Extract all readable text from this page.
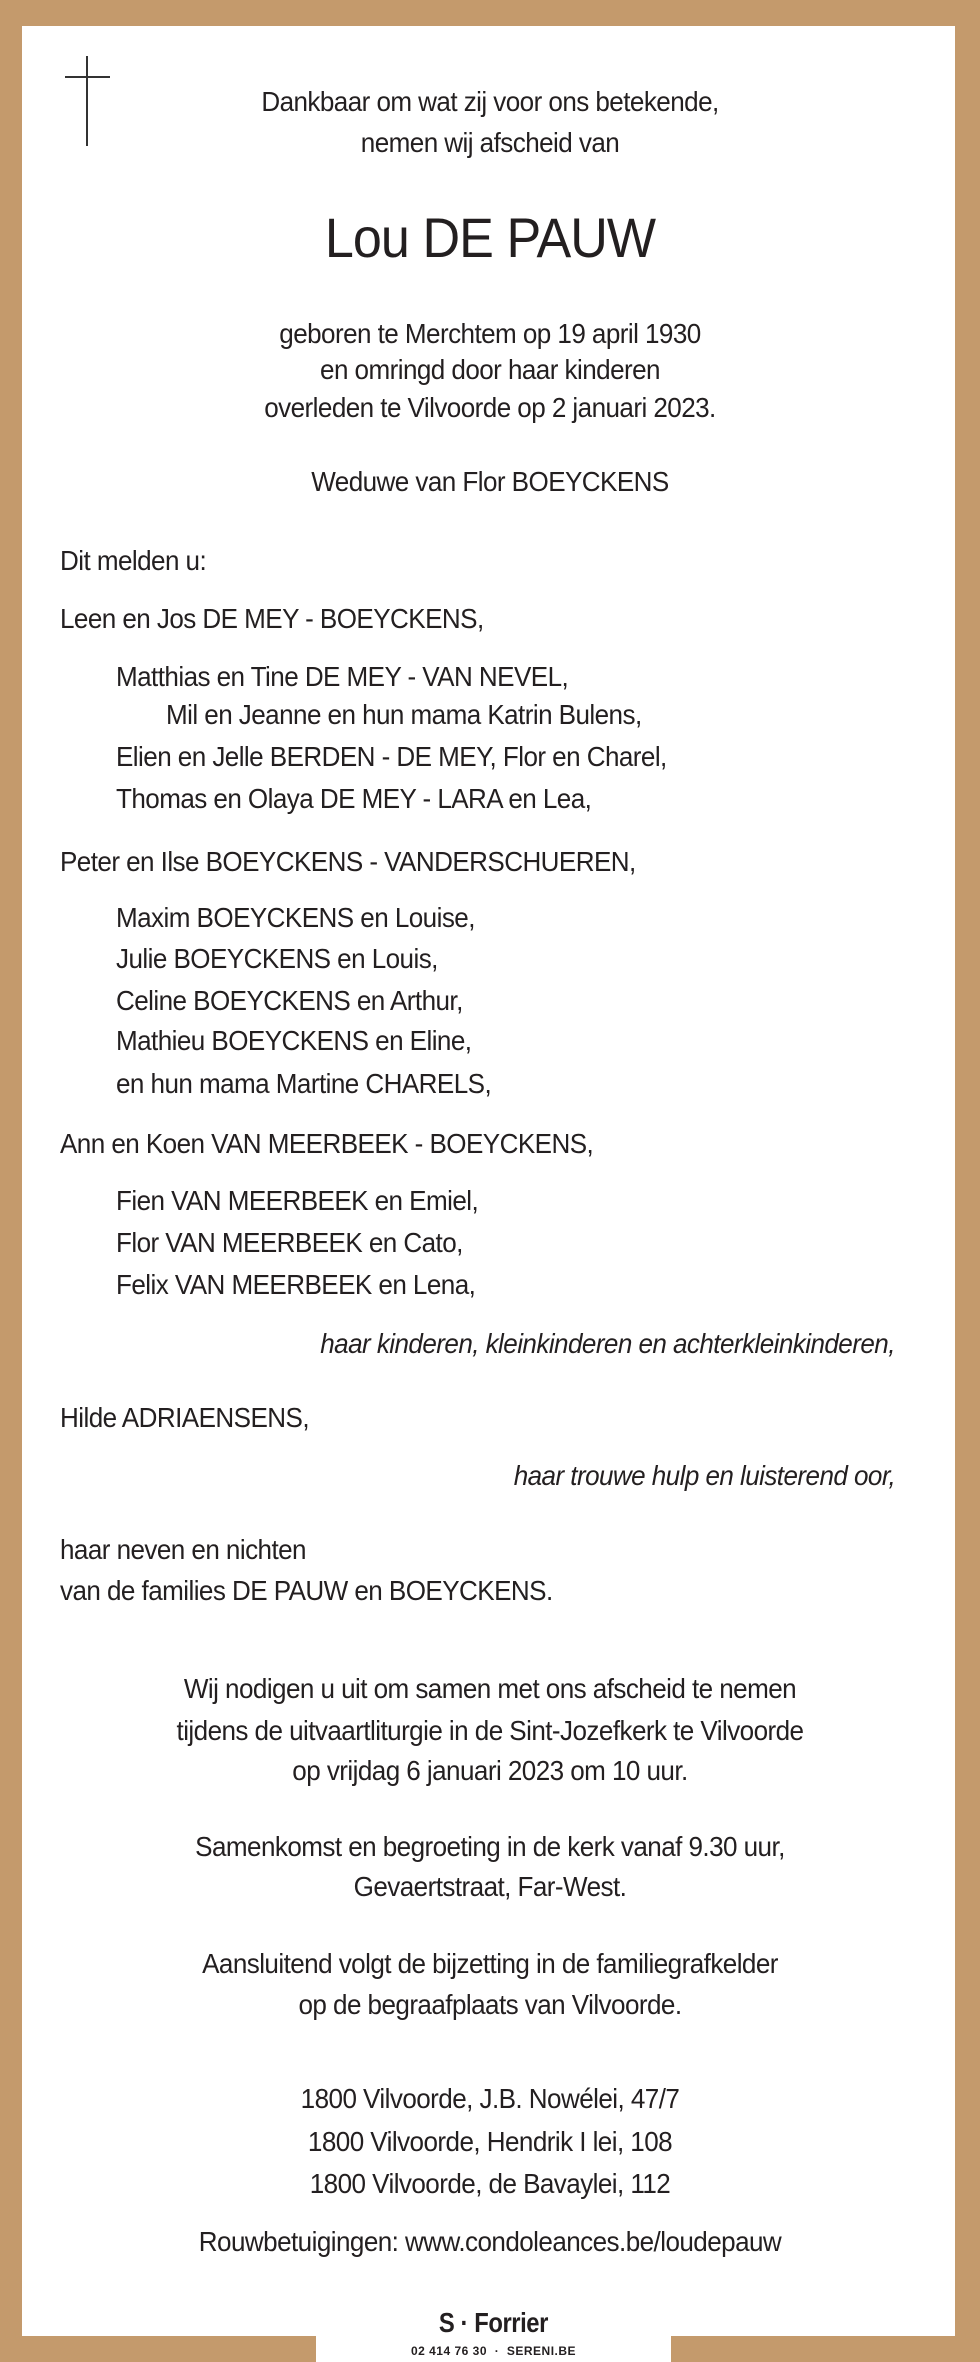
Dankbaar om wat zij voor ons betekende,
nemen wij afscheid van
Lou DE PAUW
geboren te Merchtem op 19 april 1930
en omringd door haar kinderen
overleden te Vilvoorde op 2 januari 2023.
Weduwe van Flor BOEYCKENS
Dit melden u:
Leen en Jos DE MEY - BOEYCKENS,
Matthias en Tine DE MEY - VAN NEVEL,
Mil en Jeanne en hun mama Katrin Bulens,
Elien en Jelle BERDEN - DE MEY, Flor en Charel,
Thomas en Olaya DE MEY - LARA en Lea,
Peter en Ilse BOEYCKENS - VANDERSCHUEREN,
Maxim BOEYCKENS en Louise,
Julie BOEYCKENS en Louis,
Celine BOEYCKENS en Arthur,
Mathieu BOEYCKENS en Eline,
en hun mama Martine CHARELS,
Ann en Koen VAN MEERBEEK - BOEYCKENS,
Fien VAN MEERBEEK en Emiel,
Flor VAN MEERBEEK en Cato,
Felix VAN MEERBEEK en Lena,
haar kinderen, kleinkinderen en achterkleinkinderen,
Hilde ADRIAENSENS,
haar trouwe hulp en luisterend oor,
haar neven en nichten
van de families DE PAUW en BOEYCKENS.
Wij nodigen u uit om samen met ons afscheid te nemen
tijdens de uitvaartliturgie in de Sint-Jozefkerk te Vilvoorde
op vrijdag 6 januari 2023 om 10 uur.
Samenkomst en begroeting in de kerk vanaf 9.30 uur,
Gevaertstraat, Far-West.
Aansluitend volgt de bijzetting in de familiegrafkelder
op de begraafplaats van Vilvoorde.
1800 Vilvoorde, J.B. Nowélei, 47/7
1800 Vilvoorde, Hendrik I lei, 108
1800 Vilvoorde, de Bavaylei, 112
Rouwbetuigingen: www.condoleances.be/loudepauw
S · Forrier
02 414 76 30  ·  SERENI.BE
